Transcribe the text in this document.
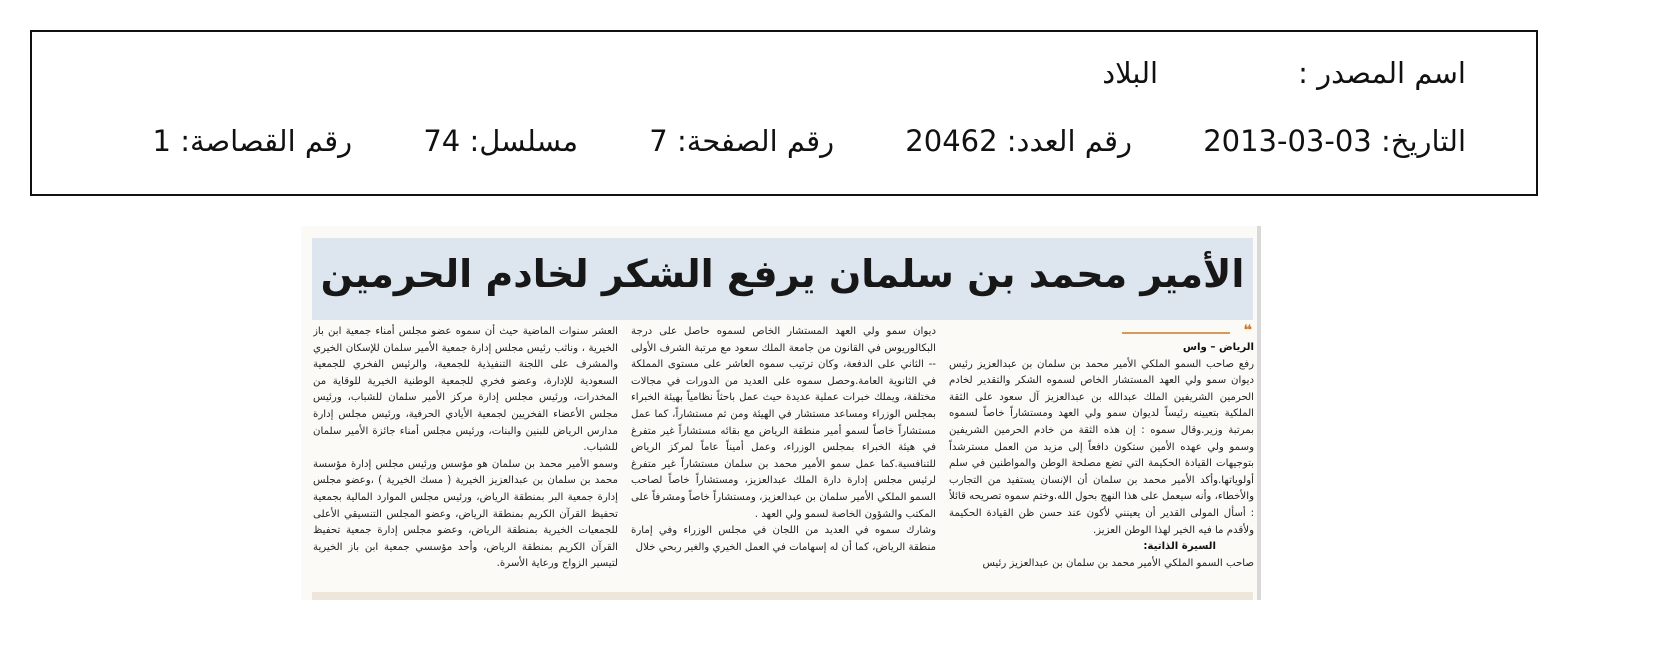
اسم المصدر :البلاد
التاريخ: 2013-03-03 رقم العدد: 20462 رقم الصفحة: 7 مسلسل: 74 رقم القصاصة: 1
الأمير محمد بن سلمان يرفع الشكر لخادم الحرمين
❝

الرياض – واس

رفع صاحب السمو الملكي الأمير محمد بن سلمان بن عبدالعزيز رئيس ديوان سمو ولي العهد المستشار الخاص لسموه الشكر والتقدير لخادم الحرمين الشريفين الملك عبدالله بن عبدالعزيز آل سعود على الثقة الملكية بتعيينه رئيساً لديوان سمو ولي العهد ومستشاراً خاصاً لسموه بمرتبة وزير.وقال سموه : إن هذه الثقة من خادم الحرمين الشريفين وسمو ولي عهده الأمين ستكون دافعاً إلى مزيد من العمل مسترشداً بتوجيهات القيادة الحكيمة التي تضع مصلحة الوطن والمواطنين في سلم أولوياتها.وأكد الأمير محمد بن سلمان أن الإنسان يستفيد من التجارب والأخطاء، وأنه سيعمل على هذا النهج بحول الله.وختم سموه تصريحه قائلاً : أسأل المولى القدير أن يعينني لأكون عند حسن ظن القيادة الحكيمة ولأقدم ما فيه الخير لهذا الوطن العزيز.

السيرة الذاتية:

صاحب السمو الملكي الأمير محمد بن سلمان بن عبدالعزيز رئيس

ديوان سمو ولي العهد المستشار الخاص لسموه حاصل على درجة البكالوريوس في القانون من جامعة الملك سعود مع مرتبة الشرف الأولى -- الثاني على الدفعة، وكان ترتيب سموه العاشر على مستوى المملكة في الثانوية العامة.وحصل سموه على العديد من الدورات في مجالات مختلفة، ويملك خبرات عملية عديدة حيث عمل باحثاً نظامياً بهيئة الخبراء بمجلس الوزراء ومساعد مستشار في الهيئة ومن ثم مستشاراً، كما عمل مستشاراً خاصاً لسمو أمير منطقة الرياض مع بقائه مستشاراً غير متفرغ في هيئة الخبراء بمجلس الوزراء، وعمل أميناً عاماً لمركز الرياض للتنافسية.كما عمل سمو الأمير محمد بن سلمان مستشاراً غير متفرغ لرئيس مجلس إدارة دارة الملك عبدالعزيز، ومستشاراً خاصاً لصاحب السمو الملكي الأمير سلمان بن عبدالعزيز، ومستشاراً خاصاً ومشرفاً على المكتب والشؤون الخاصة لسمو ولي العهد .

وشارك سموه في العديد من اللجان في مجلس الوزراء وفي إمارة منطقة الرياض، كما أن له إسهامات في العمل الخيري والغير ربحي خلال

العشر سنوات الماضية حيث أن سموه عضو مجلس أمناء جمعية ابن باز الخيرية ، وناثب رئيس مجلس إدارة جمعية الأمير سلمان للإسكان الخيري والمشرف على اللجنة التنفيذية للجمعية، والرئيس الفخري للجمعية السعودية للإدارة، وعضو فخري للجمعية الوطنية الخيرية للوقاية من المخدرات، ورئيس مجلس إدارة مركز الأمير سلمان للشباب، ورئيس مجلس الأعضاء الفخريين لجمعية الأيادي الحرفية، ورئيس مجلس إدارة مدارس الرياض للبنين والبنات، ورئيس مجلس أمناء جائزة الأمير سلمان للشباب.

وسمو الأمير محمد بن سلمان هو مؤسس ورئيس مجلس إدارة مؤسسة محمد بن سلمان بن عبدالعزيز الخيرية ( مسك الخيرية ) ،وعضو مجلس إدارة جمعية البر بمنطقة الرياض، ورئيس مجلس الموارد المالية بجمعية تحفيظ القرآن الكريم بمنطقة الرياض، وعضو المجلس التنسيقي الأعلى للجمعيات الخيرية بمنطقة الرياض، وعضو مجلس إدارة جمعية تحفيظ القرآن الكريم بمنطقة الرياض، وأحد مؤسسي جمعية ابن باز الخيرية لتيسير الزواج ورعاية الأسرة.
